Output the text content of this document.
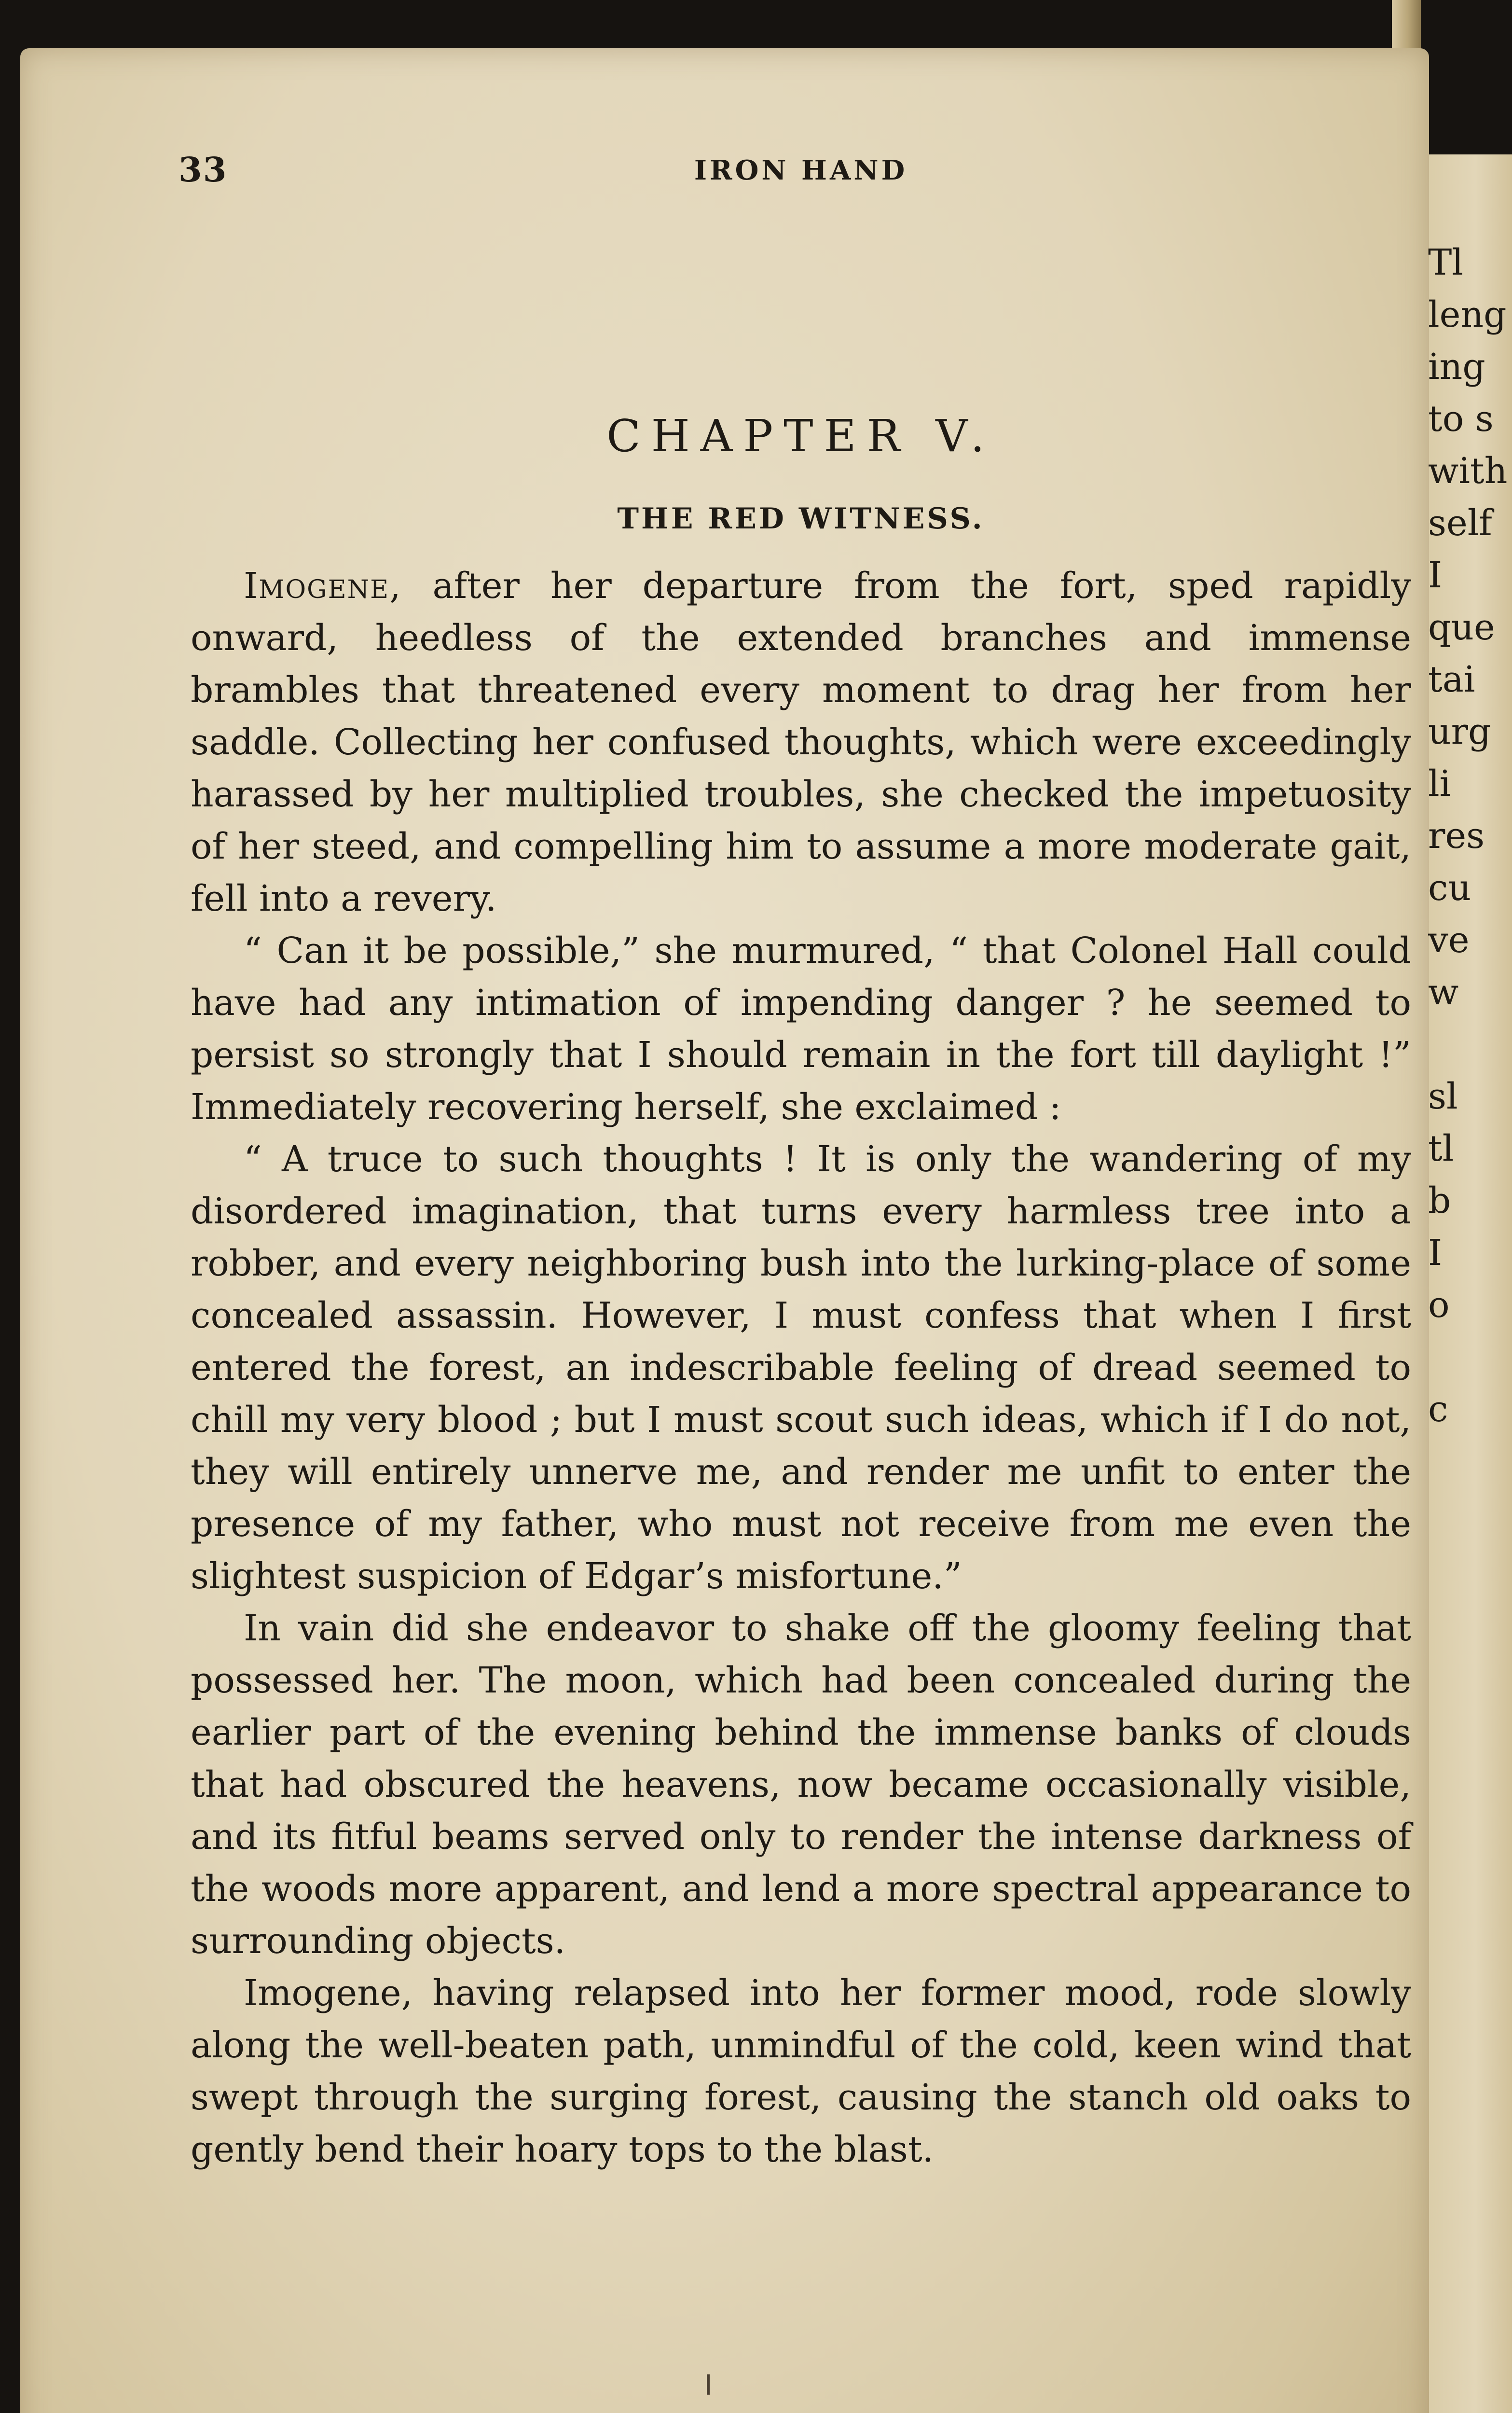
33	IRON HAND
CHAPTER V.
THE RED WITNESS.

Imogene, after her departure from the fort, sped rapidly onward, heedless of the extended branches and immense brambles that threatened every moment to drag her from her saddle. Collecting her confused thoughts, which were exceedingly harassed by her multiplied troubles, she checked the impetuosity of her steed, and compelling him to assume a more moderate gait, fell into a revery.

“ Can it be possible,” she murmured, “ that Colonel Hall could have had any intimation of impending danger ? he seemed to persist so strongly that I should remain in the fort till daylight !” Immediately recovering herself, she exclaimed :

“ A truce to such thoughts ! It is only the wandering of my disordered imagination, that turns every harmless tree into a robber, and every neighboring bush into the lurking-place of some concealed assassin. However, I must confess that when I first entered the forest, an indescribable feeling of dread seemed to chill my very blood ; but I must scout such ideas, which if I do not, they will entirely unnerve me, and render me unfit to enter the presence of my father, who must not receive from me even the slightest suspicion of Edgar’s misfortune.”

In vain did she endeavor to shake off the gloomy feeling that possessed her. The moon, which had been concealed during the earlier part of the evening behind the immense banks of clouds that had obscured the heavens, now became occasionally visible, and its fitful beams served only to render the intense darkness of the woods more apparent, and lend a more spectral appearance to surrounding objects.

Imogene, having relapsed into her former mood, rode slowly along the well-beaten path, unmindful of the cold, keen wind that swept through the surging forest, causing the stanch old oaks to gently bend their hoary tops to the blast.

Tl
leng
ing
to s
with
self
I
que
tai
urg
li
res
cu
ve
w
sl
tl
b
I
o
c
